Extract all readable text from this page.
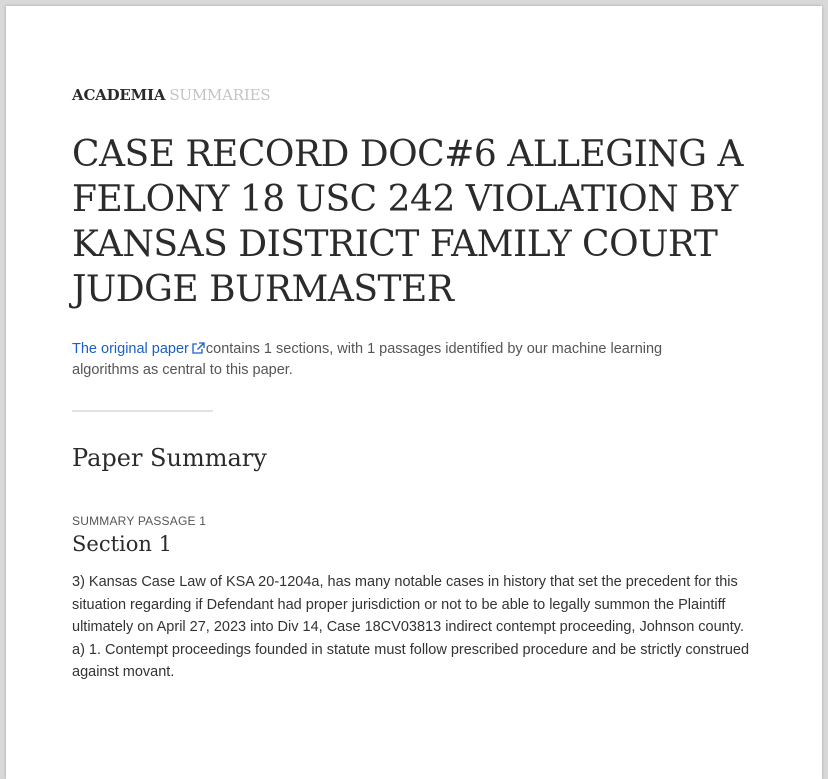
ACADEMIA SUMMARIES
CASE RECORD DOC#6 ALLEGING A FELONY 18 USC 242 VIOLATION BY KANSAS DISTRICT FAMILY COURT JUDGE BURMASTER

The original paper contains 1 sections, with 1 passages identified by our machine learning algorithms as central to this paper.

Paper Summary
SUMMARY PASSAGE 1
Section 1

3) Kansas Case Law of KSA 20-1204a, has many notable cases in history that set the precedent for this situation regarding if Defendant had proper jurisdiction or not to be able to legally summon the Plaintiff ultimately on April 27, 2023 into Div 14, Case 18CV03813 indirect contempt proceeding, Johnson county. a) 1. Contempt proceedings founded in statute must follow prescribed procedure and be strictly construed against movant.
